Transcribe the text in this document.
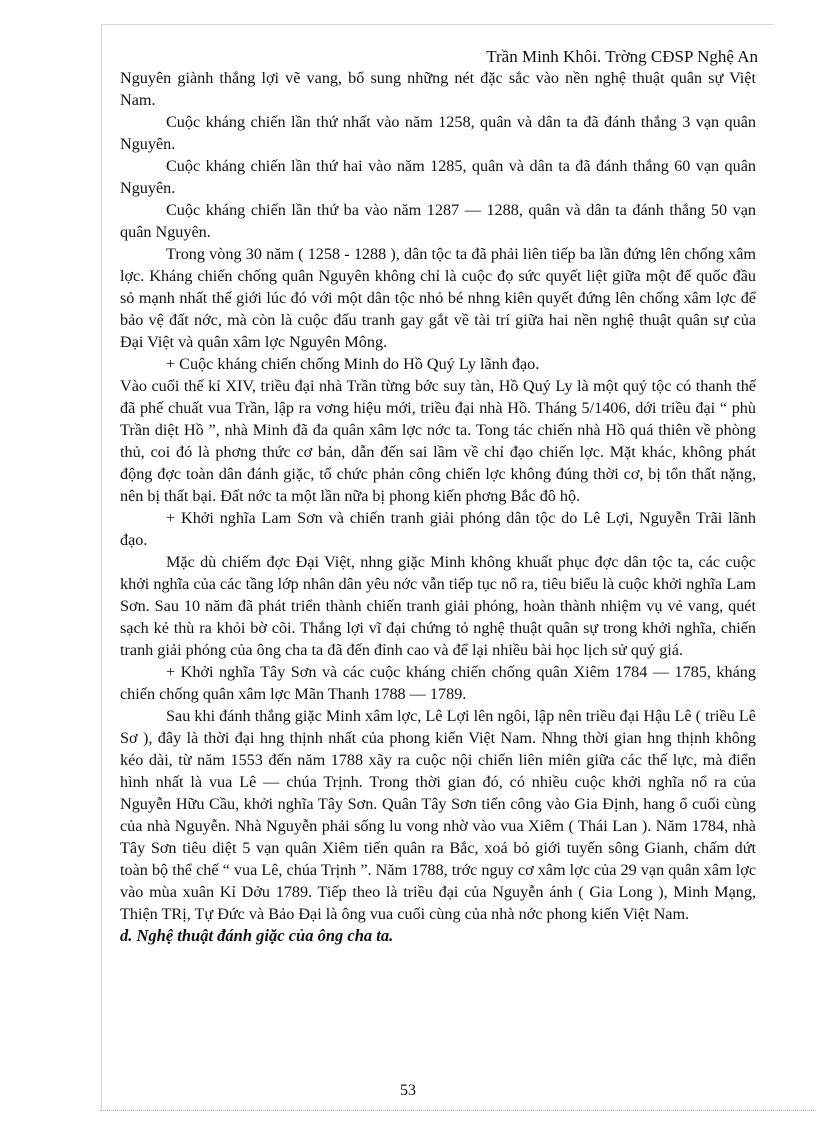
Trần Minh Khôi. Trờng CĐSP Nghệ An

Nguyên giành thắng lợi vẽ vang, bổ sung những nét đặc sắc vào nền nghệ thuật quân sự Việt Nam.

Cuộc kháng chiến lần thứ nhất vào năm 1258, quân và dân ta đã đánh thắng 3 vạn quân Nguyên.

Cuộc kháng chiến lần thứ hai vào năm 1285, quân và dân ta đã đánh thắng 60 vạn quân Nguyên.

Cuộc kháng chiến lần thứ ba vào năm 1287 — 1288, quân và dân ta đánh thắng 50 vạn quân Nguyên.

Trong vòng 30 năm ( 1258 - 1288 ), dân tộc ta đã phải liên tiếp ba lần đứng lên chống xâm lợc. Kháng chiến chống quân Nguyên không chỉ là cuộc đọ sức quyết liệt giữa một đế quốc đầu sỏ mạnh nhất thế giới lúc đó với một dân tộc nhỏ bé nhng kiên quyết đứng lên chống xâm lợc để bảo vệ đất nớc, mà còn là cuộc đấu tranh gay gắt về tài trí giữa hai nền nghệ thuật quân sự của Đại Việt và quân xâm lợc Nguyên Mông.

+ Cuộc kháng chiến chống Minh do Hồ Quý Ly lãnh đạo.

Vào cuối thế kỉ XIV, triều đại nhà Trần từng bớc suy tàn, Hồ Quý Ly là một quý tộc có thanh thế đã phế chuất vua Trần, lập ra vơng hiệu mới, triều đại nhà Hồ. Tháng 5/1406, dới triều đại “ phù Trần diệt Hồ ”, nhà Minh đã đa quân xâm lợc nớc ta. Tong tác chiến nhà Hồ quá thiên về phòng thủ, coi đó là phơng thức cơ bản, dẫn đến sai lầm về chỉ đạo chiến lợc. Mặt khác, không phát động đợc toàn dân đánh giặc, tổ chức phản công chiến lợc không đúng thời cơ, bị tổn thất nặng, nên bị thất bại. Đất nớc ta một lần nữa bị phong kiến phơng Bắc đô hộ.

+ Khởi nghĩa Lam Sơn và chiến tranh giải phóng dân tộc do Lê Lợi, Nguyễn Trãi lãnh đạo.

Mặc dù chiếm đợc Đại Việt, nhng giặc Minh không khuất phục đợc dân tộc ta, các cuộc khởi nghĩa của các tầng lớp nhân dân yêu nớc vẫn tiếp tục nổ ra, tiêu biểu là cuộc khởi nghĩa Lam Sơn. Sau 10 năm đã phát triển thành chiến tranh giải phóng, hoàn thành nhiệm vụ vẻ vang, quét sạch kẻ thù ra khỏi bờ cõi. Thắng lợi vĩ đại chứng tỏ nghệ thuật quân sự trong khởi nghĩa, chiến tranh giải phóng của ông cha ta đã đến đỉnh cao và để lại nhiều bài học lịch sử quý giá.

+ Khởi nghĩa Tây Sơn và các cuộc kháng chiến chống quân Xiêm 1784 — 1785, kháng chiến chống quân xâm lợc Mãn Thanh 1788 — 1789.

Sau khi đánh thắng giặc Minh xâm lợc, Lê Lợi lên ngôi, lập nên triều đại Hậu Lê ( triều Lê Sơ ), đây là thời đại hng thịnh nhất của phong kiến Việt Nam. Nhng thời gian hng thịnh không kéo dài, từ năm 1553 đến năm 1788 xãy ra cuộc nội chiến liên miên giữa các thế lực, mà điển hình nhất là vua Lê — chúa Trịnh. Trong thời gian đó, có nhiều cuộc khởi nghĩa nổ ra của Nguyễn Hữu Cầu, khởi nghĩa Tây Sơn. Quân Tây Sơn tiến công vào Gia Định, hang ổ cuối cùng của nhà Nguyễn. Nhà Nguyễn phải sống lu vong nhờ vào vua Xiêm ( Thái Lan ). Năm 1784, nhà Tây Sơn tiêu diệt 5 vạn quân Xiêm tiến quân ra Bắc, xoá bỏ giới tuyến sông Gianh, chấm dứt toàn bộ thể chế “ vua Lê, chúa Trịnh ”. Năm 1788, trớc nguy cơ xâm lợc của 29 vạn quân xâm lợc vào mùa xuân Kỉ Dởu 1789. Tiếp theo là triều đại của Nguyễn ánh ( Gia Long ), Minh Mạng, Thiện TRị, Tự Đức và Bảo Đại là ông vua cuối cùng của nhà nớc phong kiến Việt Nam.

d. Nghệ thuật đánh giặc của ông cha ta.

53
